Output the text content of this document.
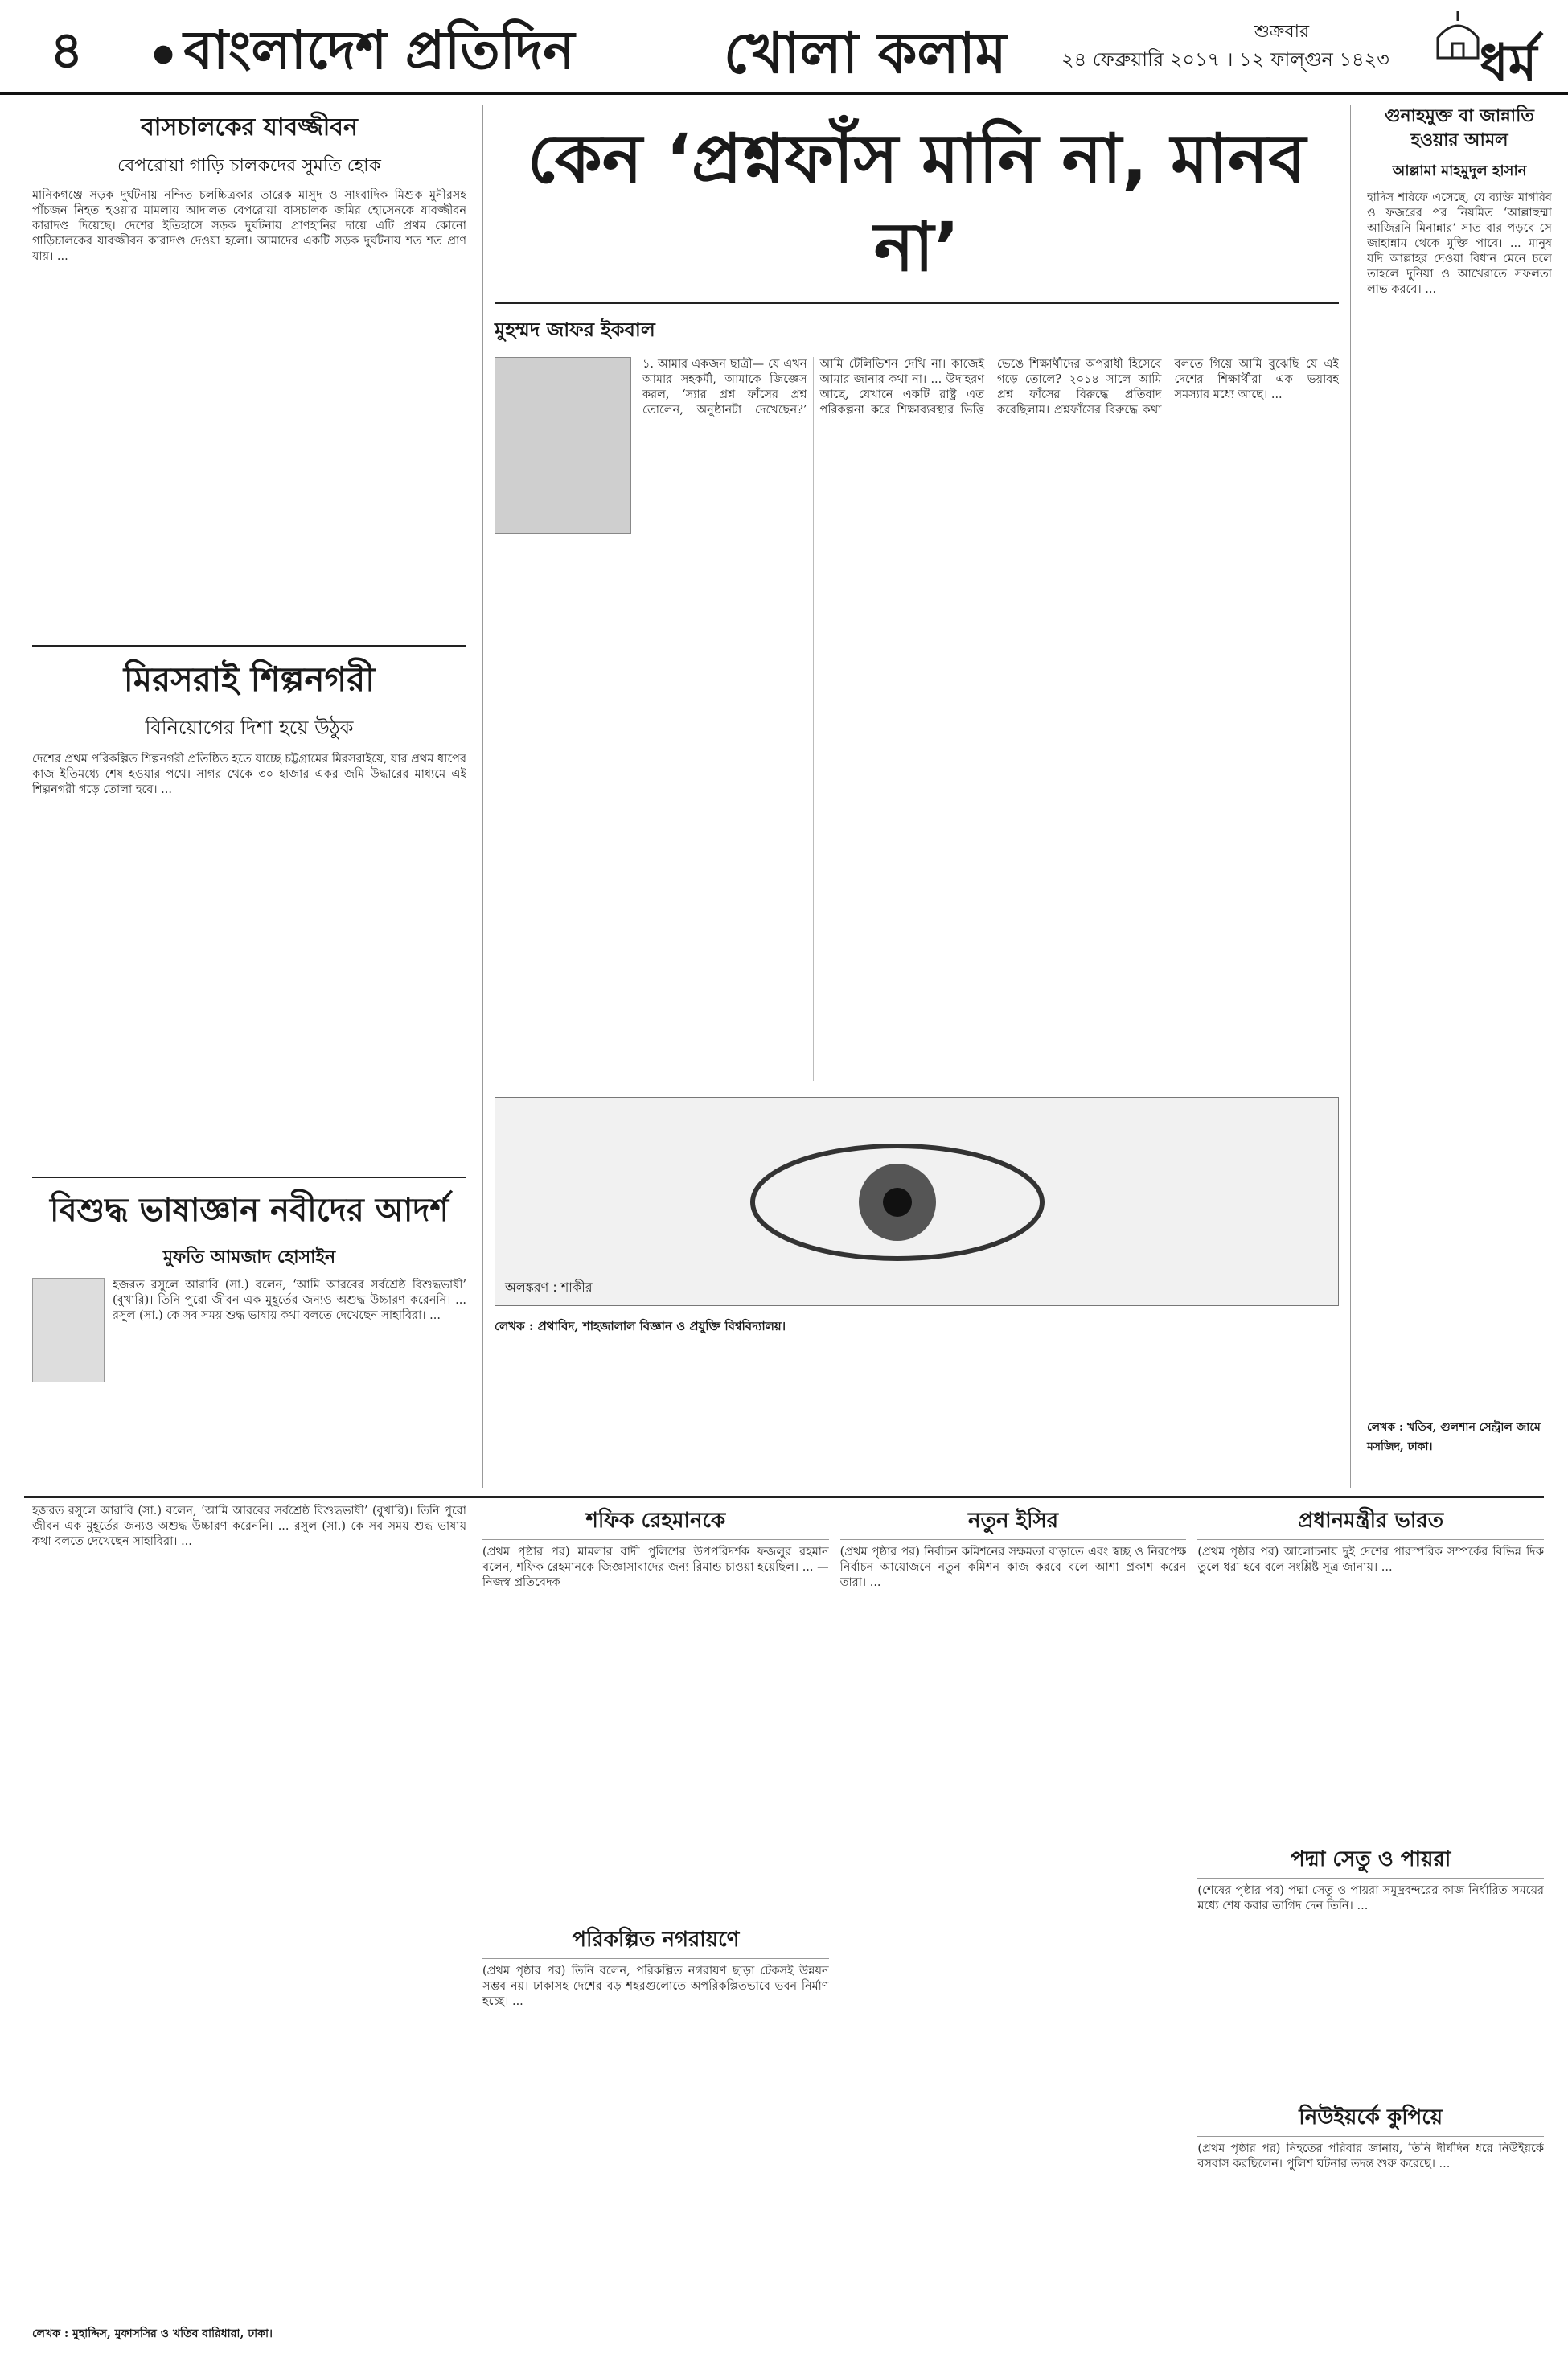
৪	● বাংলাদেশ প্রতিদিন	খোলা কলাম	শুক্রবার
২৪ ফেব্রুয়ারি ২০১৭ । ১২ ফাল্গুন ১৪২৩ ধর্ম
বাসচালকের যাবজ্জীবন
বেপরোয়া গাড়ি চালকদের সুমতি হোক
মানিকগঞ্জে সড়ক দুর্ঘটনায় নন্দিত চলচ্চিত্রকার তারেক মাসুদ ও সাংবাদিক মিশুক মুনীরসহ পাঁচজন নিহত হওয়ার মামলায় আদালত বেপরোয়া বাসচালক জমির হোসেনকে যাবজ্জীবন কারাদণ্ড দিয়েছে। দেশের ইতিহাসে সড়ক দুর্ঘটনায় প্রাণহানির দায়ে এটি প্রথম কোনো গাড়িচালকের যাবজ্জীবন কারাদণ্ড দেওয়া হলো। আমাদের একটি সড়ক দুর্ঘটনায় শত শত প্রাণ যায়। ...
মিরসরাই শিল্পনগরী
বিনিয়োগের দিশা হয়ে উঠুক
দেশের প্রথম পরিকল্পিত শিল্পনগরী প্রতিষ্ঠিত হতে যাচ্ছে চট্টগ্রামের মিরসরাইয়ে, যার প্রথম ধাপের কাজ ইতিমধ্যে শেষ হওয়ার পথে। সাগর থেকে ৩০ হাজার একর জমি উদ্ধারের মাধ্যমে এই শিল্পনগরী গড়ে তোলা হবে। ...
বিশুদ্ধ ভাষাজ্ঞান নবীদের আদর্শ
মুফতি আমজাদ হোসাইন
হজরত রসুলে আরাবি (সা.) বলেন, ‘আমি আরবের সর্বশ্রেষ্ঠ বিশুদ্ধভাষী’ (বুখারি)। তিনি পুরো জীবন এক মুহূর্তের জন্যও অশুদ্ধ উচ্চারণ করেননি। ... রসুল (সা.) কে সব সময় শুদ্ধ ভাষায় কথা বলতে দেখেছেন সাহাবিরা। ...
কেন ‘প্রশ্নফাঁস মানি না, মানব না’
মুহম্মদ জাফর ইকবাল
১. আমার একজন ছাত্রী— যে এখন আমার সহকর্মী, আমাকে জিজ্ঞেস করল, ‘স্যার প্রশ্ন ফাঁসের প্রশ্ন তোলেন, অনুষ্ঠানটা দেখেছেন?’ আমি টেলিভিশন দেখি না। কাজেই আমার জানার কথা না। ... উদাহরণ আছে, যেখানে একটি রাষ্ট্র এত পরিকল্পনা করে শিক্ষাব্যবস্থার ভিত্তি ভেঙে শিক্ষার্থীদের অপরাধী হিসেবে গড়ে তোলে? ২০১৪ সালে আমি প্রশ্ন ফাঁসের বিরুদ্ধে প্রতিবাদ করেছিলাম। প্রশ্নফাঁসের বিরুদ্ধে কথা বলতে গিয়ে আমি বুঝেছি যে এই দেশের শিক্ষার্থীরা এক ভয়াবহ সমস্যার মধ্যে আছে। ...
অলঙ্করণ : শাকীর
লেখক : প্রথাবিদ, শাহজালাল বিজ্ঞান ও প্রযুক্তি বিশ্ববিদ্যালয়।
গুনাহমুক্ত বা জান্নাতি হওয়ার আমল
আল্লামা মাহমুদুল হাসান
হাদিস শরিফে এসেছে, যে ব্যক্তি মাগরিব ও ফজরের পর নিয়মিত ‘আল্লাহুম্মা আজিরনি মিনান্নার’ সাত বার পড়বে সে জাহান্নাম থেকে মুক্তি পাবে। ... মানুষ যদি আল্লাহর দেওয়া বিধান মেনে চলে তাহলে দুনিয়া ও আখেরাতে সফলতা লাভ করবে। ...
লেখক : খতিব, গুলশান সেন্ট্রাল জামে মসজিদ, ঢাকা।
হজরত রসুলে আরাবি (সা.) বলেন, ‘আমি আরবের সর্বশ্রেষ্ঠ বিশুদ্ধভাষী’ (বুখারি)। তিনি পুরো জীবন এক মুহূর্তের জন্যও অশুদ্ধ উচ্চারণ করেননি। ... রসুল (সা.) কে সব সময় শুদ্ধ ভাষায় কথা বলতে দেখেছেন সাহাবিরা। ...
লেখক : মুহাদ্দিস, মুফাসসির ও খতিব বারিধারা, ঢাকা।
শফিক রেহমানকে
(প্রথম পৃষ্ঠার পর) মামলার বাদী পুলিশের উপপরিদর্শক ফজলুর রহমান বলেন, শফিক রেহমানকে জিজ্ঞাসাবাদের জন্য রিমান্ড চাওয়া হয়েছিল। ... —নিজস্ব প্রতিবেদক
পরিকল্পিত নগরায়ণে
(প্রথম পৃষ্ঠার পর) তিনি বলেন, পরিকল্পিত নগরায়ণ ছাড়া টেকসই উন্নয়ন সম্ভব নয়। ঢাকাসহ দেশের বড় শহরগুলোতে অপরিকল্পিতভাবে ভবন নির্মাণ হচ্ছে। ...
নতুন ইসির
(প্রথম পৃষ্ঠার পর) নির্বাচন কমিশনের সক্ষমতা বাড়াতে এবং স্বচ্ছ ও নিরপেক্ষ নির্বাচন আয়োজনে নতুন কমিশন কাজ করবে বলে আশা প্রকাশ করেন তারা। ...
প্রধানমন্ত্রীর ভারত
(প্রথম পৃষ্ঠার পর) আলোচনায় দুই দেশের পারস্পরিক সম্পর্কের বিভিন্ন দিক তুলে ধরা হবে বলে সংশ্লিষ্ট সূত্র জানায়। ...
পদ্মা সেতু ও পায়রা
(শেষের পৃষ্ঠার পর) পদ্মা সেতু ও পায়রা সমুদ্রবন্দরের কাজ নির্ধারিত সময়ের মধ্যে শেষ করার তাগিদ দেন তিনি। ...
নিউইয়র্কে কুপিয়ে
(প্রথম পৃষ্ঠার পর) নিহতের পরিবার জানায়, তিনি দীর্ঘদিন ধরে নিউইয়র্কে বসবাস করছিলেন। পুলিশ ঘটনার তদন্ত শুরু করেছে। ...
